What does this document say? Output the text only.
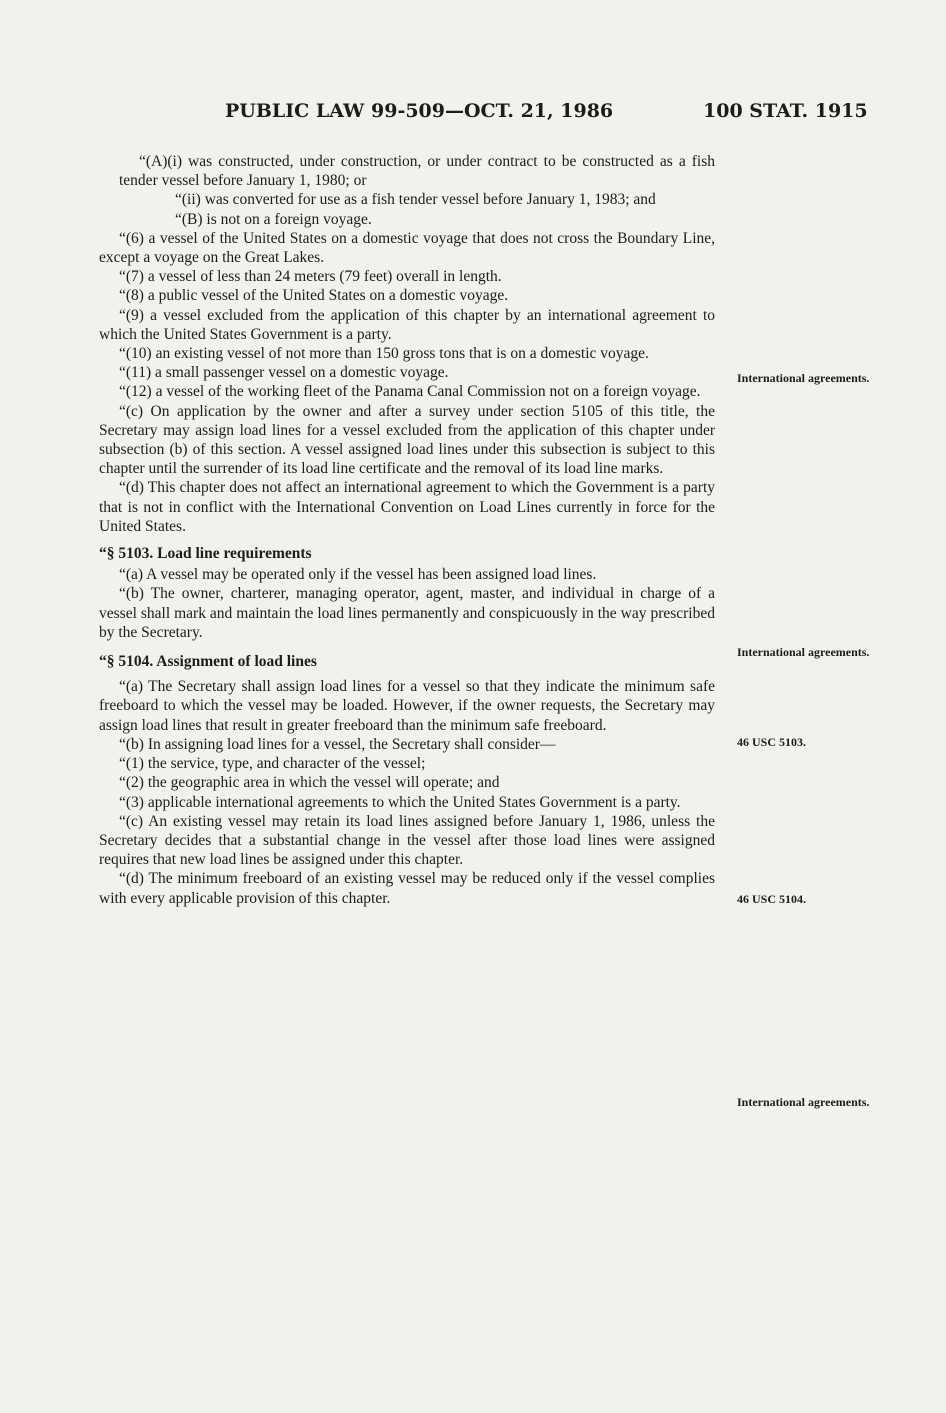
PUBLIC LAW 99-509—OCT. 21, 1986	100 STAT. 1915

“(A)(i) was constructed, under construction, or under contract to be constructed as a fish tender vessel before January 1, 1980; or

“(ii) was converted for use as a fish tender vessel before January 1, 1983; and

“(B) is not on a foreign voyage.

“(6) a vessel of the United States on a domestic voyage that does not cross the Boundary Line, except a voyage on the Great Lakes.

“(7) a vessel of less than 24 meters (79 feet) overall in length.

“(8) a public vessel of the United States on a domestic voyage.

“(9) a vessel excluded from the application of this chapter by an international agreement to which the United States Government is a party.

“(10) an existing vessel of not more than 150 gross tons that is on a domestic voyage.

“(11) a small passenger vessel on a domestic voyage.

“(12) a vessel of the working fleet of the Panama Canal Commission not on a foreign voyage.

“(c) On application by the owner and after a survey under section 5105 of this title, the Secretary may assign load lines for a vessel excluded from the application of this chapter under subsection (b) of this section. A vessel assigned load lines under this subsection is subject to this chapter until the surrender of its load line certificate and the removal of its load line marks.

“(d) This chapter does not affect an international agreement to which the Government is a party that is not in conflict with the International Convention on Load Lines currently in force for the United States.

“§ 5103. Load line requirements

“(a) A vessel may be operated only if the vessel has been assigned load lines.

“(b) The owner, charterer, managing operator, agent, master, and individual in charge of a vessel shall mark and maintain the load lines permanently and conspicuously in the way prescribed by the Secretary.

“§ 5104. Assignment of load lines

“(a) The Secretary shall assign load lines for a vessel so that they indicate the minimum safe freeboard to which the vessel may be loaded. However, if the owner requests, the Secretary may assign load lines that result in greater freeboard than the minimum safe freeboard.

“(b) In assigning load lines for a vessel, the Secretary shall consider—

“(1) the service, type, and character of the vessel;

“(2) the geographic area in which the vessel will operate; and

“(3) applicable international agreements to which the United States Government is a party.

“(c) An existing vessel may retain its load lines assigned before January 1, 1986, unless the Secretary decides that a substantial change in the vessel after those load lines were assigned requires that new load lines be assigned under this chapter.

“(d) The minimum freeboard of an existing vessel may be reduced only if the vessel complies with every applicable provision of this chapter.

International agreements.
International agreements.
46 USC 5103.
46 USC 5104.
International agreements.
